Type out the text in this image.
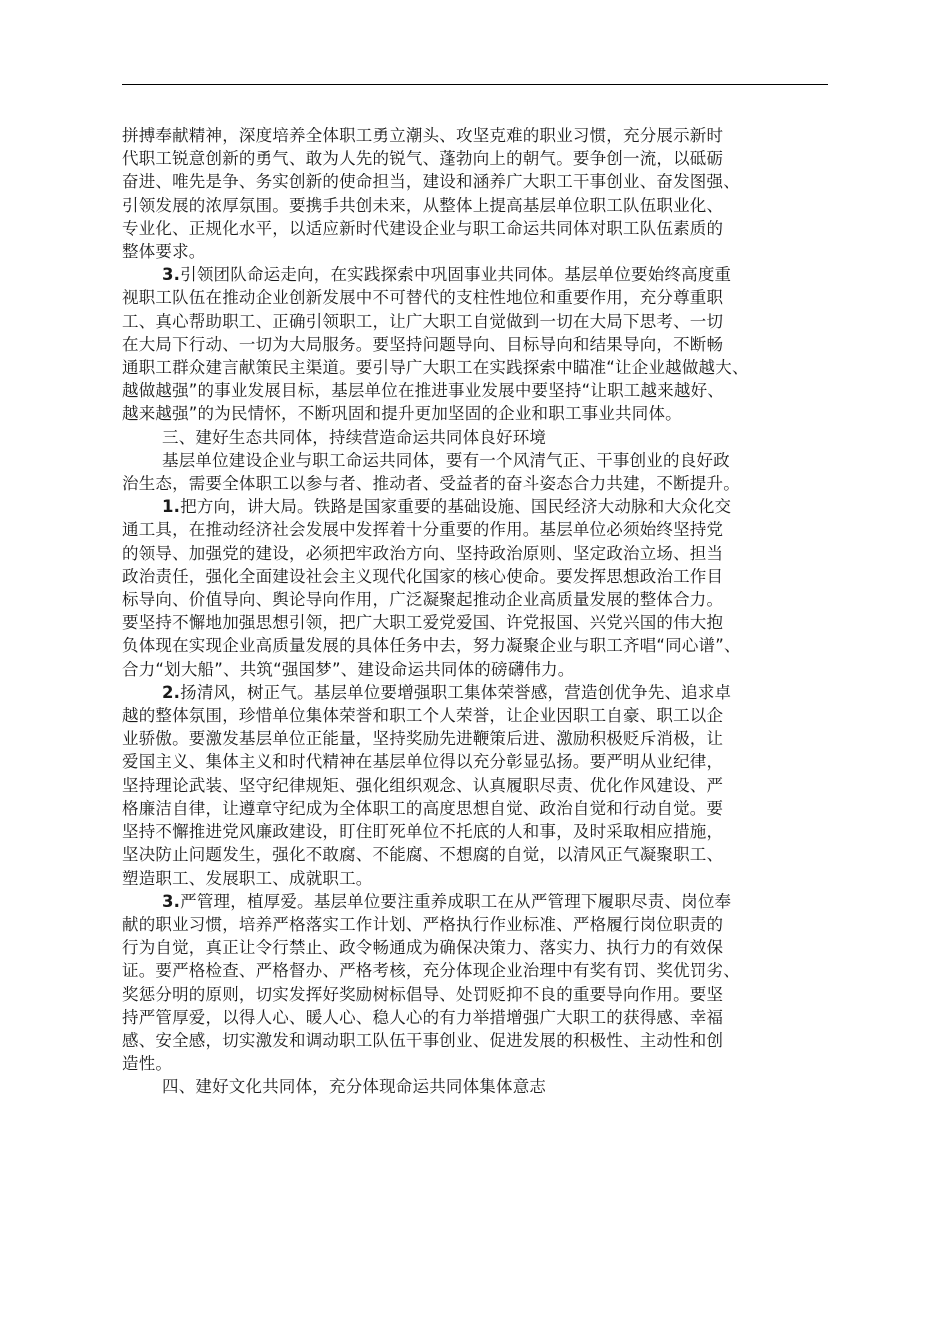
拼搏奉献精神，深度培养全体职工勇立潮头、攻坚克难的职业习惯，充分展示新时
代职工锐意创新的勇气、敢为人先的锐气、蓬勃向上的朝气。要争创一流，以砥砺
奋进、唯先是争、务实创新的使命担当，建设和涵养广大职工干事创业、奋发图强、
引领发展的浓厚氛围。要携手共创未来，从整体上提高基层单位职工队伍职业化、
专业化、正规化水平，以适应新时代建设企业与职工命运共同体对职工队伍素质的
整体要求。
3.引领团队命运走向，在实践探索中巩固事业共同体。基层单位要始终高度重
视职工队伍在推动企业创新发展中不可替代的支柱性地位和重要作用，充分尊重职
工、真心帮助职工、正确引领职工，让广大职工自觉做到一切在大局下思考、一切
在大局下行动、一切为大局服务。要坚持问题导向、目标导向和结果导向，不断畅
通职工群众建言献策民主渠道。要引导广大职工在实践探索中瞄准“让企业越做越大、
越做越强”的事业发展目标，基层单位在推进事业发展中要坚持“让职工越来越好、
越来越强”的为民情怀，不断巩固和提升更加坚固的企业和职工事业共同体。
三、建好生态共同体，持续营造命运共同体良好环境
基层单位建设企业与职工命运共同体，要有一个风清气正、干事创业的良好政
治生态，需要全体职工以参与者、推动者、受益者的奋斗姿态合力共建，不断提升。
1.把方向，讲大局。铁路是国家重要的基础设施、国民经济大动脉和大众化交
通工具，在推动经济社会发展中发挥着十分重要的作用。基层单位必须始终坚持党
的领导、加强党的建设，必须把牢政治方向、坚持政治原则、坚定政治立场、担当
政治责任，强化全面建设社会主义现代化国家的核心使命。要发挥思想政治工作目
标导向、价值导向、舆论导向作用，广泛凝聚起推动企业高质量发展的整体合力。
要坚持不懈地加强思想引领，把广大职工爱党爱国、许党报国、兴党兴国的伟大抱
负体现在实现企业高质量发展的具体任务中去，努力凝聚企业与职工齐唱“同心谱”、
合力“划大船”、共筑“强国梦”、建设命运共同体的磅礴伟力。
2.扬清风，树正气。基层单位要增强职工集体荣誉感，营造创优争先、追求卓
越的整体氛围，珍惜单位集体荣誉和职工个人荣誉，让企业因职工自豪、职工以企
业骄傲。要激发基层单位正能量，坚持奖励先进鞭策后进、激励积极贬斥消极，让
爱国主义、集体主义和时代精神在基层单位得以充分彰显弘扬。要严明从业纪律，
坚持理论武装、坚守纪律规矩、强化组织观念、认真履职尽责、优化作风建设、严
格廉洁自律，让遵章守纪成为全体职工的高度思想自觉、政治自觉和行动自觉。要
坚持不懈推进党风廉政建设，盯住盯死单位不托底的人和事，及时采取相应措施，
坚决防止问题发生，强化不敢腐、不能腐、不想腐的自觉，以清风正气凝聚职工、
塑造职工、发展职工、成就职工。
3.严管理，植厚爱。基层单位要注重养成职工在从严管理下履职尽责、岗位奉
献的职业习惯，培养严格落实工作计划、严格执行作业标准、严格履行岗位职责的
行为自觉，真正让令行禁止、政令畅通成为确保决策力、落实力、执行力的有效保
证。要严格检查、严格督办、严格考核，充分体现企业治理中有奖有罚、奖优罚劣、
奖惩分明的原则，切实发挥好奖励树标倡导、处罚贬抑不良的重要导向作用。要坚
持严管厚爱，以得人心、暖人心、稳人心的有力举措增强广大职工的获得感、幸福
感、安全感，切实激发和调动职工队伍干事创业、促进发展的积极性、主动性和创
造性。
四、建好文化共同体，充分体现命运共同体集体意志
